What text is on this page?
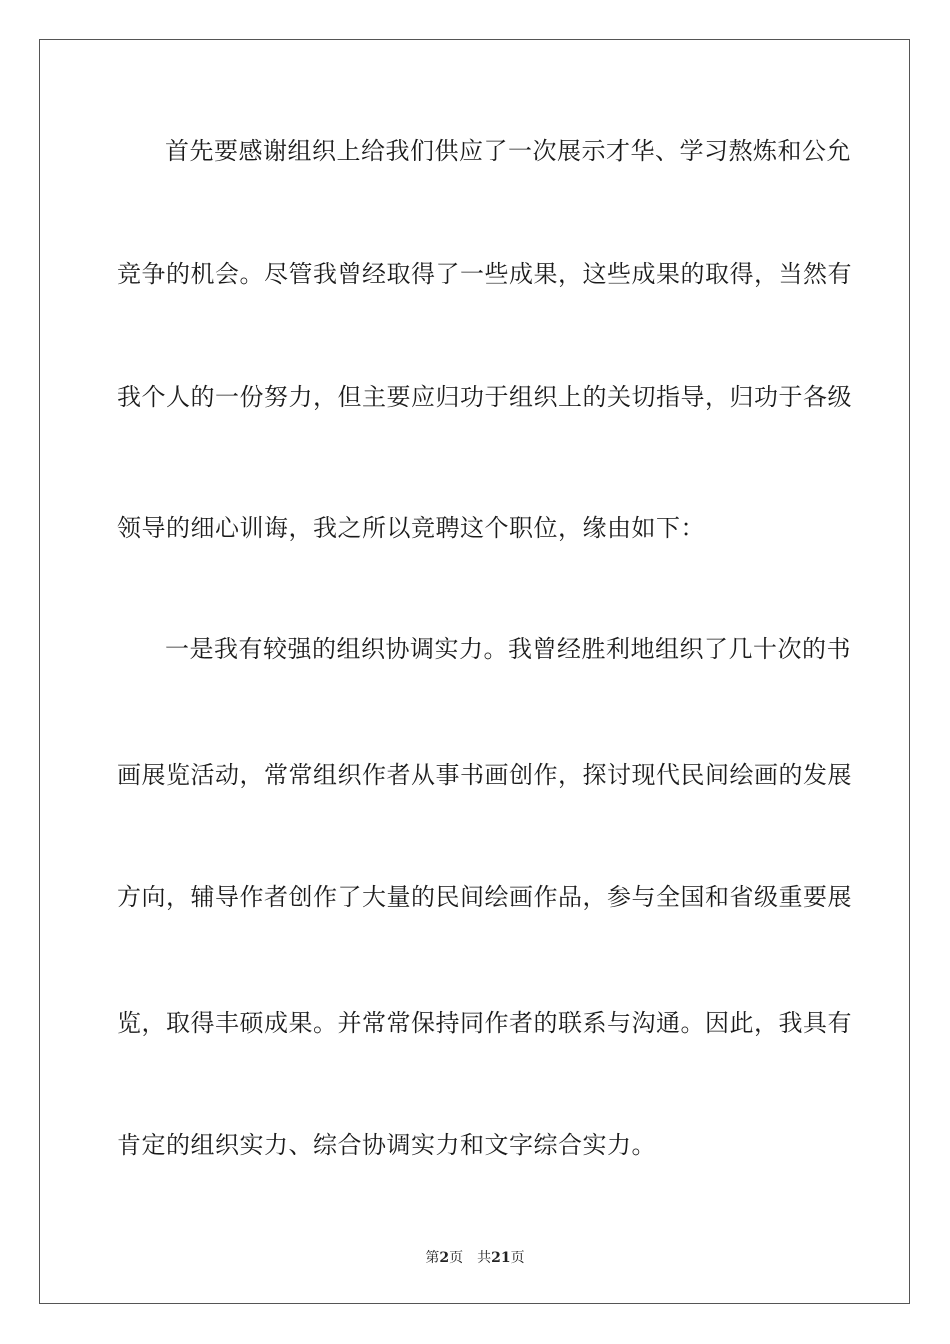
首先要感谢组织上给我们供应了一次展示才华、学习熬炼和公允
竞争的机会。尽管我曾经取得了一些成果，这些成果的取得，当然有
我个人的一份努力，但主要应归功于组织上的关切指导，归功于各级
领导的细心训诲，我之所以竞聘这个职位，缘由如下：
一是我有较强的组织协调实力。我曾经胜利地组织了几十次的书
画展览活动，常常组织作者从事书画创作，探讨现代民间绘画的发展
方向，辅导作者创作了大量的民间绘画作品，参与全国和省级重要展
览，取得丰硕成果。并常常保持同作者的联系与沟通。因此，我具有
肯定的组织实力、综合协调实力和文字综合实力。
第2页 共21页
